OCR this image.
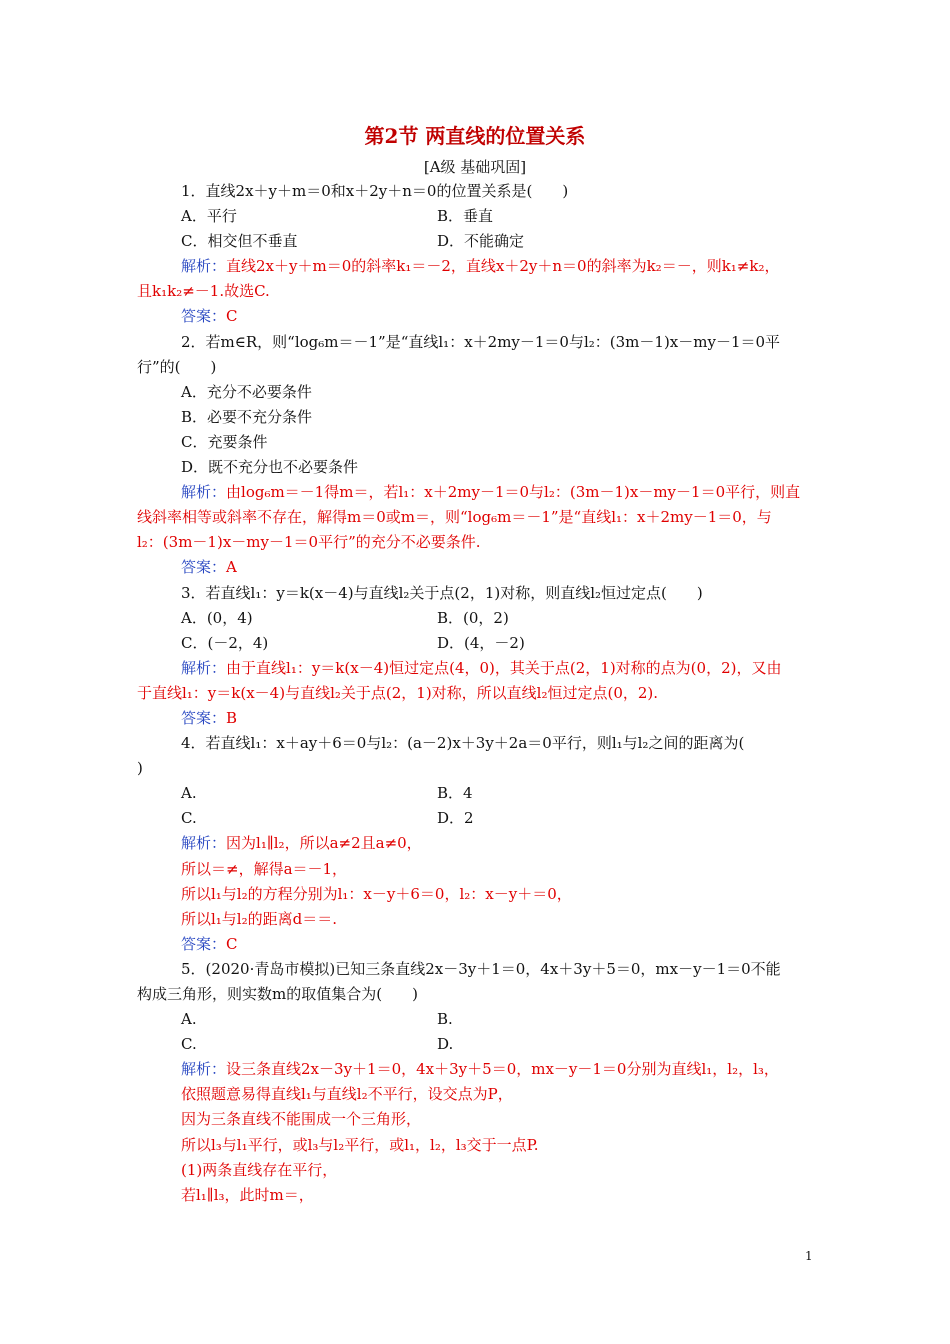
第2节 两直线的位置关系
[A级 基础巩固]
1．直线2x＋y＋m＝0和x＋2y＋n＝0的位置关系是(　　)
A．平行	B．垂直
C．相交但不垂直	D．不能确定
解析：直线2x＋y＋m＝0的斜率k₁＝－2，直线x＋2y＋n＝0的斜率为k₂＝－，则k₁≠k₂，
且k₁k₂≠－1.故选C.
答案：C
2．若m∈R，则“log₆m＝－1”是“直线l₁：x＋2my－1＝0与l₂：(3m－1)x－my－1＝0平
行”的(　　)
A．充分不必要条件
B．必要不充分条件
C．充要条件
D．既不充分也不必要条件
解析：由log₆m＝－1得m＝，若l₁：x＋2my－1＝0与l₂：(3m－1)x－my－1＝0平行，则直
线斜率相等或斜率不存在，解得m＝0或m＝，则“log₆m＝－1”是“直线l₁：x＋2my－1＝0，与
l₂：(3m－1)x－my－1＝0平行”的充分不必要条件.
答案：A
3．若直线l₁：y＝k(x－4)与直线l₂关于点(2，1)对称，则直线l₂恒过定点(　　)
A．(0，4)	B．(0，2)
C．(－2，4)	D．(4，－2)
解析：由于直线l₁：y＝k(x－4)恒过定点(4，0)，其关于点(2，1)对称的点为(0，2)，又由
于直线l₁：y＝k(x－4)与直线l₂关于点(2，1)对称，所以直线l₂恒过定点(0，2).
答案：B
4．若直线l₁：x＋ay＋6＝0与l₂：(a－2)x＋3y＋2a＝0平行，则l₁与l₂之间的距离为(
)
A.	B．4
C.	D．2
解析：因为l₁∥l₂，所以a≠2且a≠0，
所以＝≠，解得a＝－1，
所以l₁与l₂的方程分别为l₁：x－y＋6＝0，l₂：x－y＋＝0，
所以l₁与l₂的距离d＝＝.
答案：C
5．(2020·青岛市模拟)已知三条直线2x－3y＋1＝0，4x＋3y＋5＝0，mx－y－1＝0不能
构成三角形，则实数m的取值集合为(　　)
A.	B.
C.	D.
解析：设三条直线2x－3y＋1＝0，4x＋3y＋5＝0，mx－y－1＝0分别为直线l₁，l₂，l₃，
依照题意易得直线l₁与直线l₂不平行，设交点为P，
因为三条直线不能围成一个三角形，
所以l₃与l₁平行，或l₃与l₂平行，或l₁，l₂，l₃交于一点P.
(1)两条直线存在平行，
若l₁∥l₃，此时m＝，
1
